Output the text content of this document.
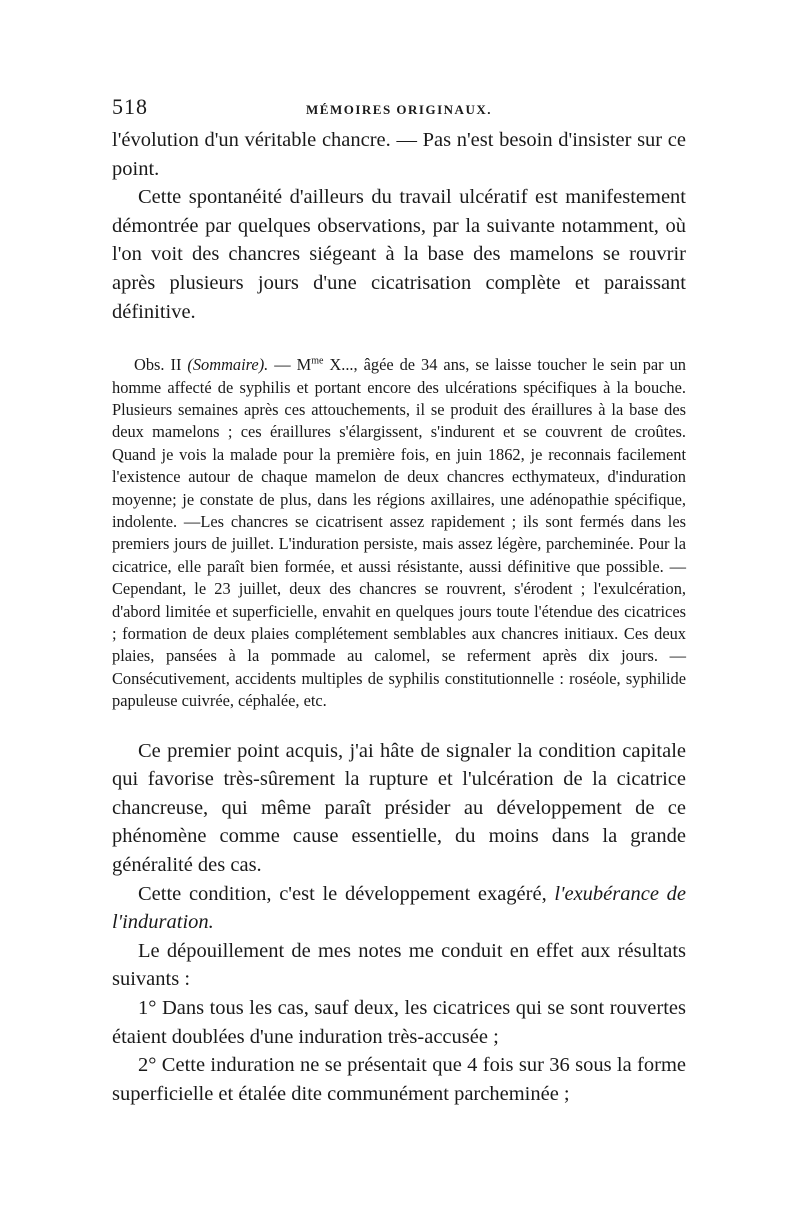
518	MÉMOIRES ORIGINAUX.

l'évolution d'un véritable chancre. — Pas n'est besoin d'insister sur ce point.

Cette spontanéité d'ailleurs du travail ulcératif est manifestement démontrée par quelques observations, par la suivante notamment, où l'on voit des chancres siégeant à la base des mamelons se rouvrir après plusieurs jours d'une cicatrisation complète et paraissant définitive.

Obs. II (Sommaire). — $M^{me}$ X..., âgée de 34 ans, se laisse toucher le sein par un homme affecté de syphilis et portant encore des ulcérations spécifiques à la bouche. Plusieurs semaines après ces attouchements, il se produit des éraillures à la base des deux mamelons ; ces éraillures s'élargissent, s'indurent et se couvrent de croûtes. Quand je vois la malade pour la première fois, en juin 1862, je reconnais facilement l'existence autour de chaque mamelon de deux chancres ecthymateux, d'induration moyenne; je constate de plus, dans les régions axillaires, une adénopathie spécifique, indolente. —Les chancres se cicatrisent assez rapidement ; ils sont fermés dans les premiers jours de juillet. L'induration persiste, mais assez légère, parcheminée. Pour la cicatrice, elle paraît bien formée, et aussi résistante, aussi définitive que possible. — Cependant, le 23 juillet, deux des chancres se rouvrent, s'érodent ; l'exulcération, d'abord limitée et superficielle, envahit en quelques jours toute l'étendue des cicatrices ; formation de deux plaies complétement semblables aux chancres initiaux. Ces deux plaies, pansées à la pommade au calomel, se referment après dix jours. — Consécutivement, accidents multiples de syphilis constitutionnelle : roséole, syphilide papuleuse cuivrée, céphalée, etc.

Ce premier point acquis, j'ai hâte de signaler la condition capitale qui favorise très-sûrement la rupture et l'ulcération de la cicatrice chancreuse, qui même paraît présider au développement de ce phénomène comme cause essentielle, du moins dans la grande généralité des cas.

Cette condition, c'est le développement exagéré, l'exubérance de l'induration.

Le dépouillement de mes notes me conduit en effet aux résultats suivants :

1° Dans tous les cas, sauf deux, les cicatrices qui se sont rouvertes étaient doublées d'une induration très-accusée ;

2° Cette induration ne se présentait que 4 fois sur 36 sous la forme superficielle et étalée dite communément parcheminée ;
